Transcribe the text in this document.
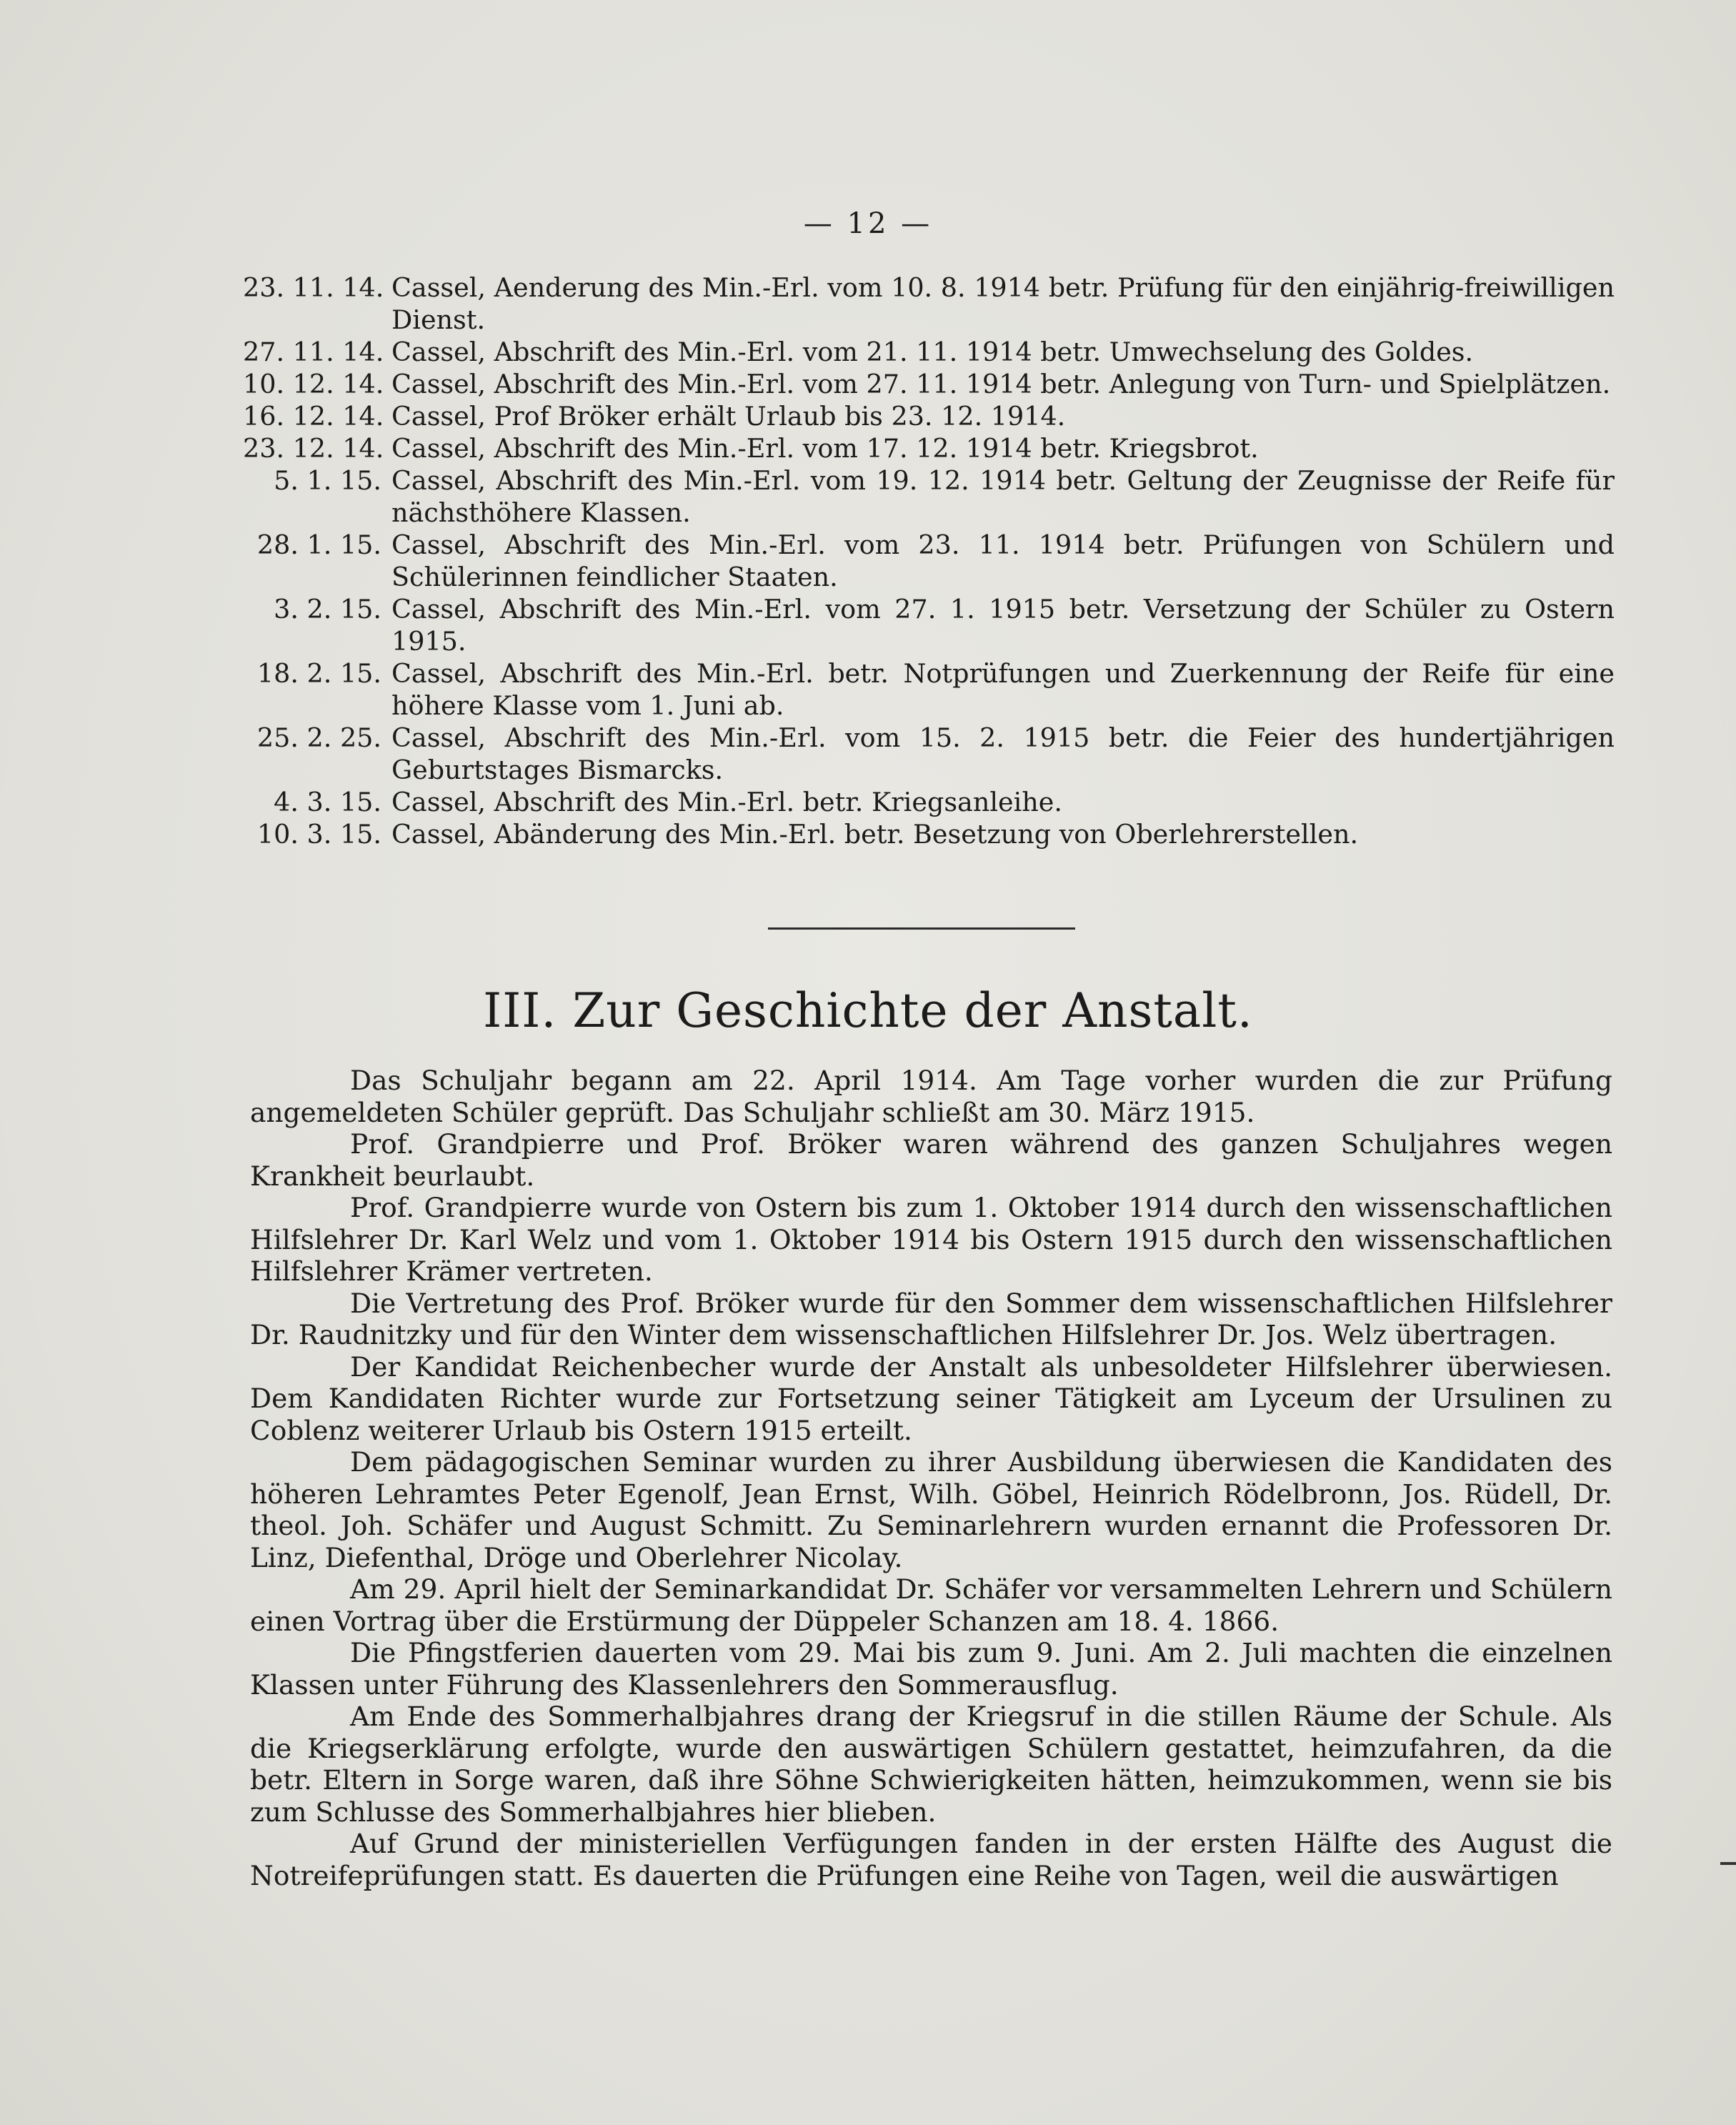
— 12 —
23. 11. 14. Cassel, Aenderung des Min.-Erl. vom 10. 8. 1914 betr. Prüfung für den einjährig-freiwilligen Dienst.
27. 11. 14. Cassel, Abschrift des Min.-Erl. vom 21. 11. 1914 betr. Umwechselung des Goldes.
10. 12. 14. Cassel, Abschrift des Min.-Erl. vom 27. 11. 1914 betr. Anlegung von Turn- und Spielplätzen.
16. 12. 14. Cassel, Prof Bröker erhält Urlaub bis 23. 12. 1914.
23. 12. 14. Cassel, Abschrift des Min.-Erl. vom 17. 12. 1914 betr. Kriegsbrot.
5. 1. 15. Cassel, Abschrift des Min.-Erl. vom 19. 12. 1914 betr. Geltung der Zeugnisse der Reife für nächsthöhere Klassen.
28. 1. 15. Cassel, Abschrift des Min.-Erl. vom 23. 11. 1914 betr. Prüfungen von Schülern und Schülerinnen feindlicher Staaten.
3. 2. 15. Cassel, Abschrift des Min.-Erl. vom 27. 1. 1915 betr. Versetzung der Schüler zu Ostern 1915.
18. 2. 15. Cassel, Abschrift des Min.-Erl. betr. Notprüfungen und Zuerkennung der Reife für eine höhere Klasse vom 1. Juni ab.
25. 2. 25. Cassel, Abschrift des Min.-Erl. vom 15. 2. 1915 betr. die Feier des hundertjährigen Geburtstages Bismarcks.
4. 3. 15. Cassel, Abschrift des Min.-Erl. betr. Kriegsanleihe.
10. 3. 15. Cassel, Abänderung des Min.-Erl. betr. Besetzung von Oberlehrerstellen.
III. Zur Geschichte der Anstalt.

Das Schuljahr begann am 22. April 1914. Am Tage vorher wurden die zur Prüfung angemeldeten Schüler geprüft. Das Schuljahr schließt am 30. März 1915.

Prof. Grandpierre und Prof. Bröker waren während des ganzen Schuljahres wegen Krankheit beurlaubt.

Prof. Grandpierre wurde von Ostern bis zum 1. Oktober 1914 durch den wissenschaftlichen Hilfslehrer Dr. Karl Welz und vom 1. Oktober 1914 bis Ostern 1915 durch den wissenschaftlichen Hilfslehrer Krämer vertreten.

Die Vertretung des Prof. Bröker wurde für den Sommer dem wissenschaftlichen Hilfslehrer Dr. Raudnitzky und für den Winter dem wissenschaftlichen Hilfslehrer Dr. Jos. Welz übertragen.

Der Kandidat Reichenbecher wurde der Anstalt als unbesoldeter Hilfslehrer überwiesen. Dem Kandidaten Richter wurde zur Fortsetzung seiner Tätigkeit am Lyceum der Ursulinen zu Coblenz weiterer Urlaub bis Ostern 1915 erteilt.

Dem pädagogischen Seminar wurden zu ihrer Ausbildung überwiesen die Kandidaten des höheren Lehramtes Peter Egenolf, Jean Ernst, Wilh. Göbel, Heinrich Rödelbronn, Jos. Rüdell, Dr. theol. Joh. Schäfer und August Schmitt. Zu Seminarlehrern wurden ernannt die Professoren Dr. Linz, Diefenthal, Dröge und Oberlehrer Nicolay.

Am 29. April hielt der Seminarkandidat Dr. Schäfer vor versammelten Lehrern und Schülern einen Vortrag über die Erstürmung der Düppeler Schanzen am 18. 4. 1866.

Die Pfingstferien dauerten vom 29. Mai bis zum 9. Juni. Am 2. Juli machten die einzelnen Klassen unter Führung des Klassenlehrers den Sommerausflug.

Am Ende des Sommerhalbjahres drang der Kriegsruf in die stillen Räume der Schule. Als die Kriegserklärung erfolgte, wurde den auswärtigen Schülern gestattet, heimzufahren, da die betr. Eltern in Sorge waren, daß ihre Söhne Schwierigkeiten hätten, heimzukommen, wenn sie bis zum Schlusse des Sommerhalbjahres hier blieben.

Auf Grund der ministeriellen Verfügungen fanden in der ersten Hälfte des August die Notreifeprüfungen statt. Es dauerten die Prüfungen eine Reihe von Tagen, weil die auswärtigen
